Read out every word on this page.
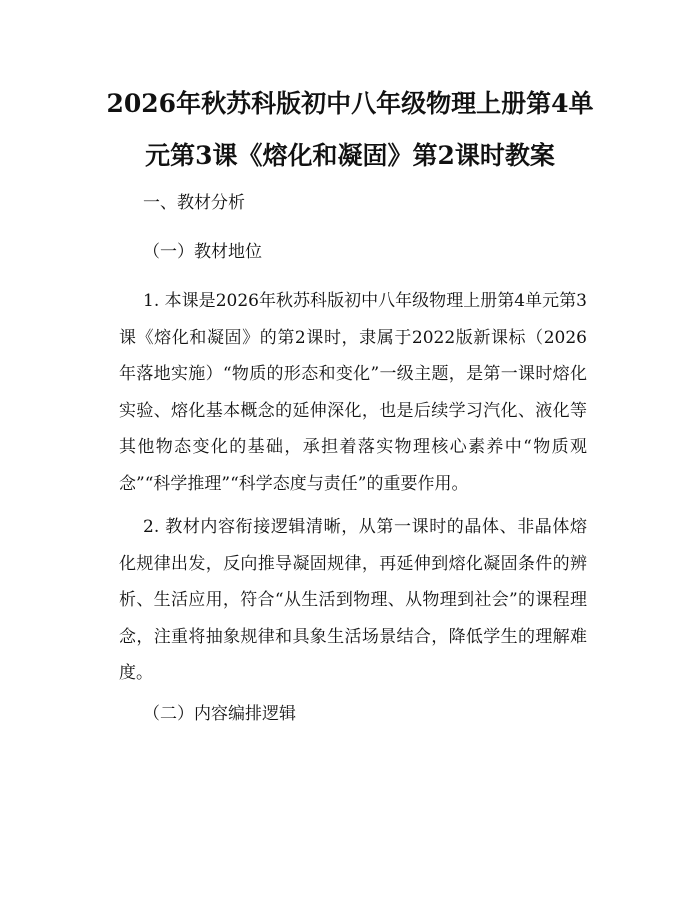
2026年秋苏科版初中八年级物理上册第4单元第3课《熔化和凝固》第2课时教案

一、教材分析

（一）教材地位

1. 本课是2026年秋苏科版初中八年级物理上册第4单元第3课《熔化和凝固》的第2课时，隶属于2022版新课标（2026年落地实施）“物质的形态和变化”一级主题，是第一课时熔化实验、熔化基本概念的延伸深化，也是后续学习汽化、液化等其他物态变化的基础，承担着落实物理核心素养中“物质观念”“科学推理”“科学态度与责任”的重要作用。

2. 教材内容衔接逻辑清晰，从第一课时的晶体、非晶体熔化规律出发，反向推导凝固规律，再延伸到熔化凝固条件的辨析、生活应用，符合“从生活到物理、从物理到社会”的课程理念，注重将抽象规律和具象生活场景结合，降低学生的理解难度。

（二）内容编排逻辑
